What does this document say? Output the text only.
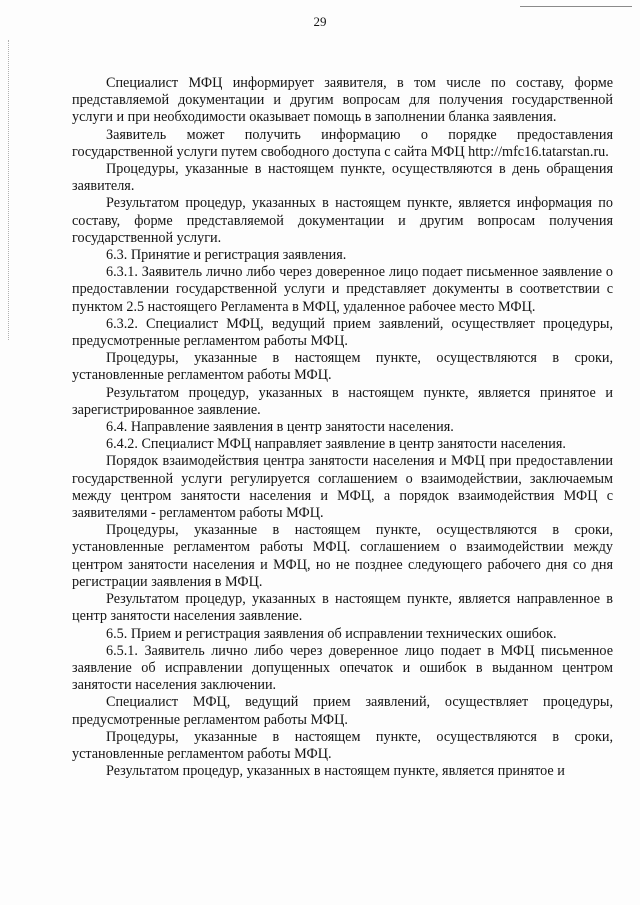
29

Специалист МФЦ информирует заявителя, в том числе по составу, форме представляемой документации и другим вопросам для получения государственной услуги и при необходимости оказывает помощь в заполнении бланка заявления.

Заявитель может получить информацию о порядке предоставления государственной услуги путем свободного доступа с сайта МФЦ http://mfc16.tatarstan.ru.

Процедуры, указанные в настоящем пункте, осуществляются в день обращения заявителя.

Результатом процедур, указанных в настоящем пункте, является информация по составу, форме представляемой документации и другим вопросам получения государственной услуги.

6.3. Принятие и регистрация заявления.

6.3.1. Заявитель лично либо через доверенное лицо подает письменное заявление о предоставлении государственной услуги и представляет документы в соответствии с пунктом 2.5 настоящего Регламента в МФЦ, удаленное рабочее место МФЦ.

6.3.2. Специалист МФЦ, ведущий прием заявлений, осуществляет процедуры, предусмотренные регламентом работы МФЦ.

Процедуры, указанные в настоящем пункте, осуществляются в сроки, установленные регламентом работы МФЦ.

Результатом процедур, указанных в настоящем пункте, является принятое и зарегистрированное заявление.

6.4. Направление заявления в центр занятости населения.

6.4.2. Специалист МФЦ направляет заявление в центр занятости населения.

Порядок взаимодействия центра занятости населения и МФЦ при предоставлении государственной услуги регулируется соглашением о взаимодействии, заключаемым между центром занятости населения и МФЦ, а порядок взаимодействия МФЦ с заявителями - регламентом работы МФЦ.

Процедуры, указанные в настоящем пункте, осуществляются в сроки, установленные регламентом работы МФЦ. соглашением о взаимодействии между центром занятости населения и МФЦ, но не позднее следующего рабочего дня со дня регистрации заявления в МФЦ.

Результатом процедур, указанных в настоящем пункте, является направленное в центр занятости населения заявление.

6.5. Прием и регистрация заявления об исправлении технических ошибок.

6.5.1. Заявитель лично либо через доверенное лицо подает в МФЦ письменное заявление об исправлении допущенных опечаток и ошибок в выданном центром занятости населения заключении.

Специалист МФЦ, ведущий прием заявлений, осуществляет процедуры, предусмотренные регламентом работы МФЦ.

Процедуры, указанные в настоящем пункте, осуществляются в сроки, установленные регламентом работы МФЦ.

Результатом процедур, указанных в настоящем пункте, является принятое и
